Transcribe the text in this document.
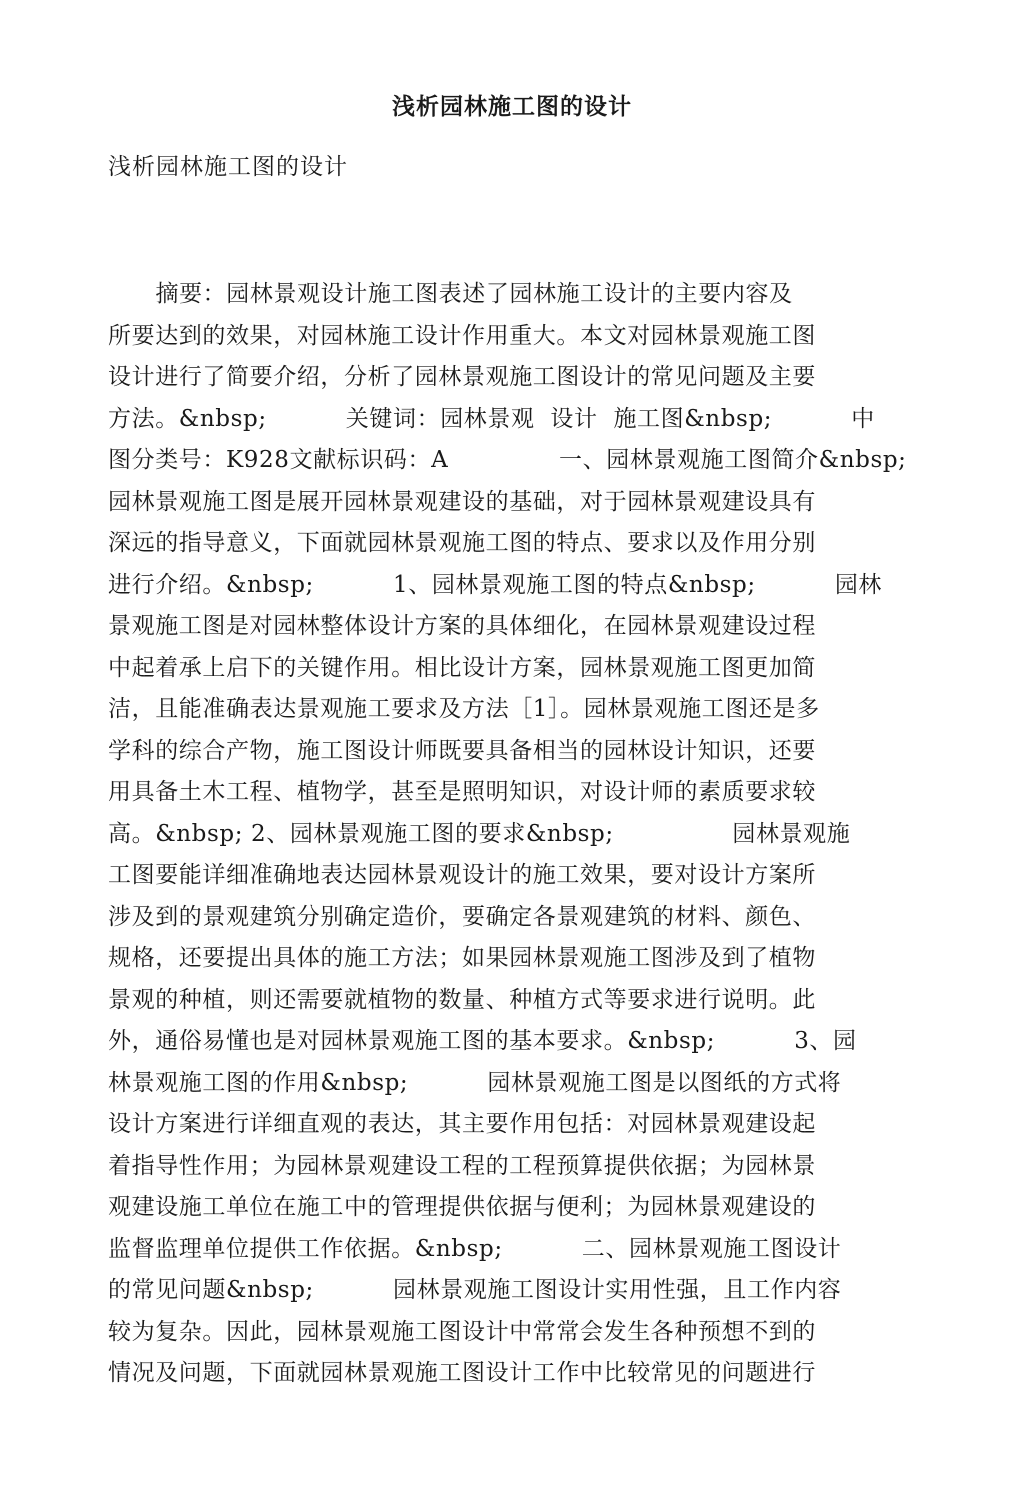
浅析园林施工图的设计
浅析园林施工图的设计
摘要：园林景观设计施工图表述了园林施工设计的主要内容及
所要达到的效果，对园林施工设计作用重大。本文对园林景观施工图
设计进行了简要介绍，分析了园林景观施工图设计的常见问题及主要
方法。&nbsp;          关键词：园林景观  设计  施工图&nbsp;          中
图分类号：K928文献标识码：A              一、园林景观施工图简介&nbsp;
园林景观施工图是展开园林景观建设的基础，对于园林景观建设具有
深远的指导意义，下面就园林景观施工图的特点、要求以及作用分别
进行介绍。&nbsp;          1、园林景观施工图的特点&nbsp;          园林
景观施工图是对园林整体设计方案的具体细化，在园林景观建设过程
中起着承上启下的关键作用。相比设计方案，园林景观施工图更加简
洁，且能准确表达景观施工要求及方法［1］。园林景观施工图还是多
学科的综合产物，施工图设计师既要具备相当的园林设计知识，还要
用具备土木工程、植物学，甚至是照明知识，对设计师的素质要求较
高。&nbsp; 2、园林景观施工图的要求&nbsp;               园林景观施
工图要能详细准确地表达园林景观设计的施工效果，要对设计方案所
涉及到的景观建筑分别确定造价，要确定各景观建筑的材料、颜色、
规格，还要提出具体的施工方法；如果园林景观施工图涉及到了植物
景观的种植，则还需要就植物的数量、种植方式等要求进行说明。此
外，通俗易懂也是对园林景观施工图的基本要求。&nbsp;          3、园
林景观施工图的作用&nbsp;          园林景观施工图是以图纸的方式将
设计方案进行详细直观的表达，其主要作用包括：对园林景观建设起
着指导性作用；为园林景观建设工程的工程预算提供依据；为园林景
观建设施工单位在施工中的管理提供依据与便利；为园林景观建设的
监督监理单位提供工作依据。&nbsp;          二、园林景观施工图设计
的常见问题&nbsp;          园林景观施工图设计实用性强，且工作内容
较为复杂。因此，园林景观施工图设计中常常会发生各种预想不到的
情况及问题，下面就园林景观施工图设计工作中比较常见的问题进行
